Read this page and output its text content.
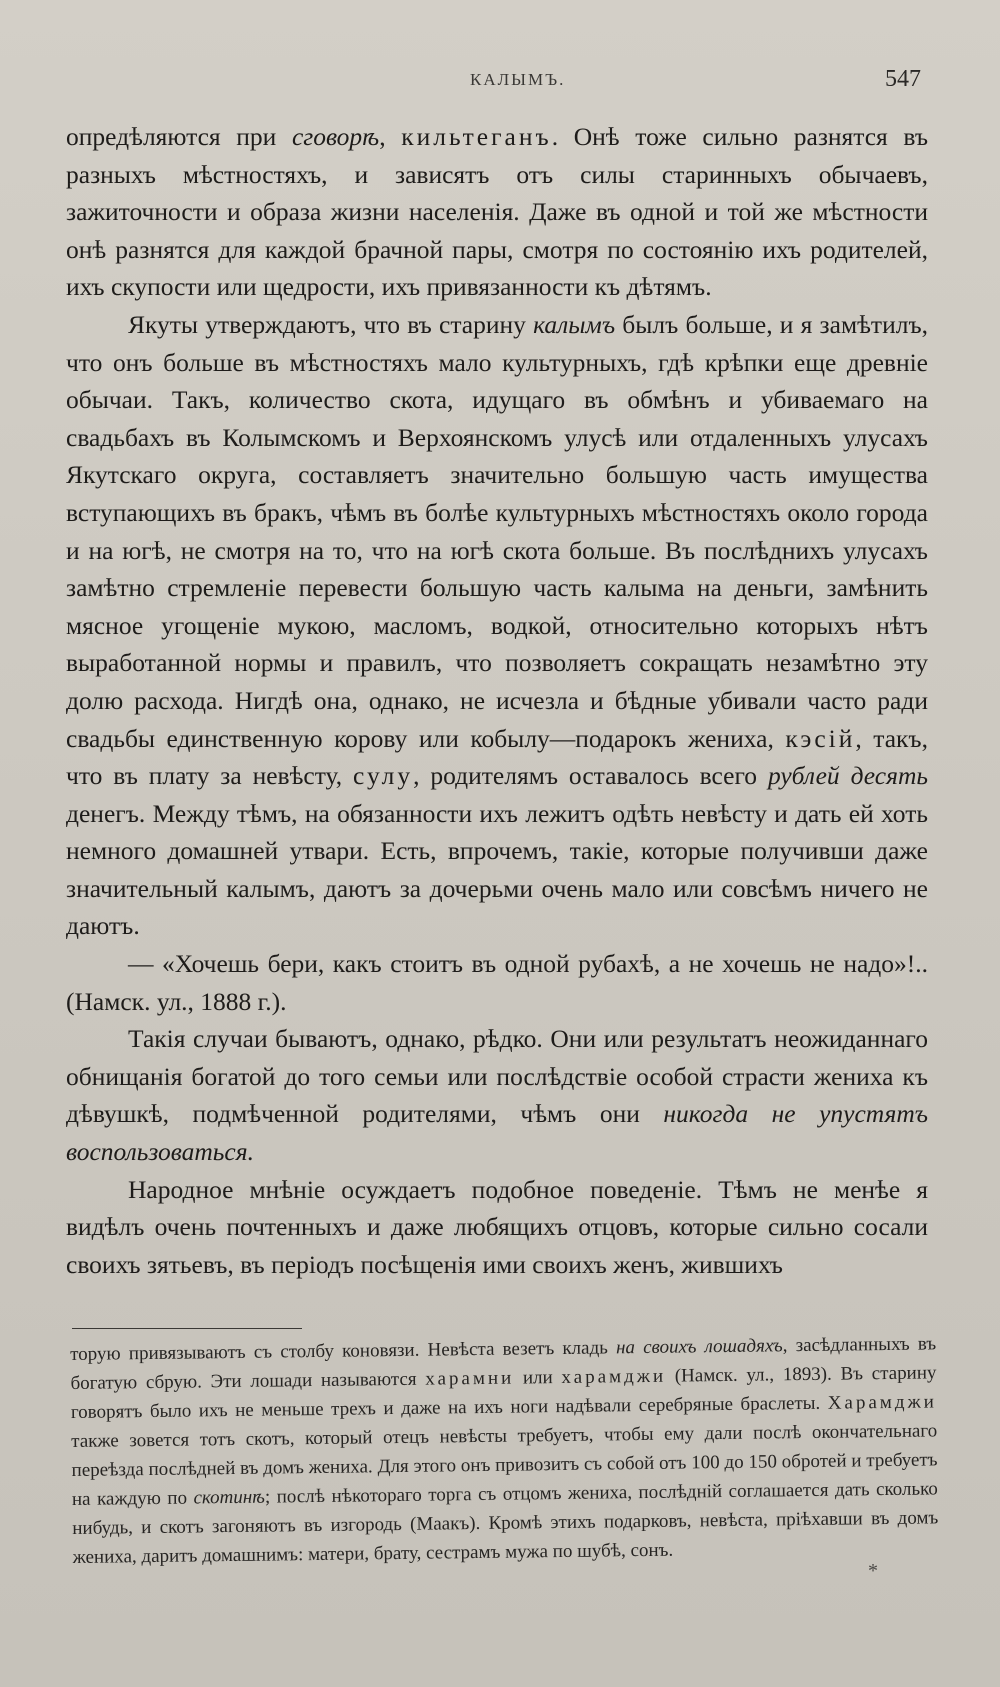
КАЛЫМЪ.	547

опредѣляются при сговорѣ, кильтеганъ. Онѣ тоже сильно разнятся въ разныхъ мѣстностяхъ, и зависятъ отъ силы старинныхъ обычаевъ, зажиточности и образа жизни населенія. Даже въ одной и той же мѣстности онѣ разнятся для каждой брачной пары, смотря по состоянію ихъ родителей, ихъ скупости или щедрости, ихъ привязанности къ дѣтямъ.

Якуты утверждаютъ, что въ старину калымъ былъ больше, и я замѣтилъ, что онъ больше въ мѣстностяхъ мало культурныхъ, гдѣ крѣпки еще древніе обычаи. Такъ, количество скота, идущаго въ обмѣнъ и убиваемаго на свадьбахъ въ Колымскомъ и Верхоянскомъ улусѣ или отдаленныхъ улусахъ Якутскаго округа, составляетъ значительно большую часть имущества вступающихъ въ бракъ, чѣмъ въ болѣе культурныхъ мѣстностяхъ около города и на югѣ, не смотря на то, что на югѣ скота больше. Въ послѣднихъ улусахъ замѣтно стремленіе перевести большую часть калыма на деньги, замѣнить мясное угощеніе мукою, масломъ, водкой, относительно которыхъ нѣтъ выработанной нормы и правилъ, что позволяетъ сокращать незамѣтно эту долю расхода. Нигдѣ она, однако, не исчезла и бѣдные убивали часто ради свадьбы единственную корову или кобылу—подарокъ жениха, кэсій, такъ, что въ плату за невѣсту, сулу, родителямъ оставалось всего рублей десять денегъ. Между тѣмъ, на обязанности ихъ лежитъ одѣть невѣсту и дать ей хоть немного домашней утвари. Есть, впрочемъ, такіе, которые получивши даже значительный калымъ, даютъ за дочерьми очень мало или совсѣмъ ничего не даютъ.

— «Хочешь бери, какъ стоитъ въ одной рубахѣ, а не хочешь не надо»!.. (Намск. ул., 1888 г.).

Такія случаи бываютъ, однако, рѣдко. Они или результатъ неожиданнаго обнищанія богатой до того семьи или послѣдствіе особой страсти жениха къ дѣвушкѣ, подмѣченной родителями, чѣмъ они никогда не упустятъ воспользоваться.

Народное мнѣніе осуждаетъ подобное поведеніе. Тѣмъ не менѣе я видѣлъ очень почтенныхъ и даже любящихъ отцовъ, которые сильно сосали своихъ зятьевъ, въ періодъ посѣщенія ими своихъ женъ, жившихъ

торую привязываютъ съ столбу коновязи. Невѣста везетъ кладь на своихъ лошадяхъ, засѣдланныхъ въ богатую сбрую. Эти лошади называются харамни или харамджи (Намск. ул., 1893). Въ старину говорятъ было ихъ не меньше трехъ и даже на ихъ ноги надѣвали серебряные браслеты. Харамджи также зовется тотъ скотъ, который отецъ невѣсты требуетъ, чтобы ему дали послѣ окончательнаго переѣзда послѣдней въ домъ жениха. Для этого онъ привозитъ съ собой отъ 100 до 150 обротей и требуетъ на каждую по скотинѣ; послѣ нѣкотораго торга съ отцомъ жениха, послѣдній соглашается дать сколько нибудь, и скотъ загоняютъ въ изгородь (Маакъ). Кромѣ этихъ подарковъ, невѣста, пріѣхавши въ домъ жениха, даритъ домашнимъ: матери, брату, сестрамъ мужа по шубѣ, сонъ.

*
